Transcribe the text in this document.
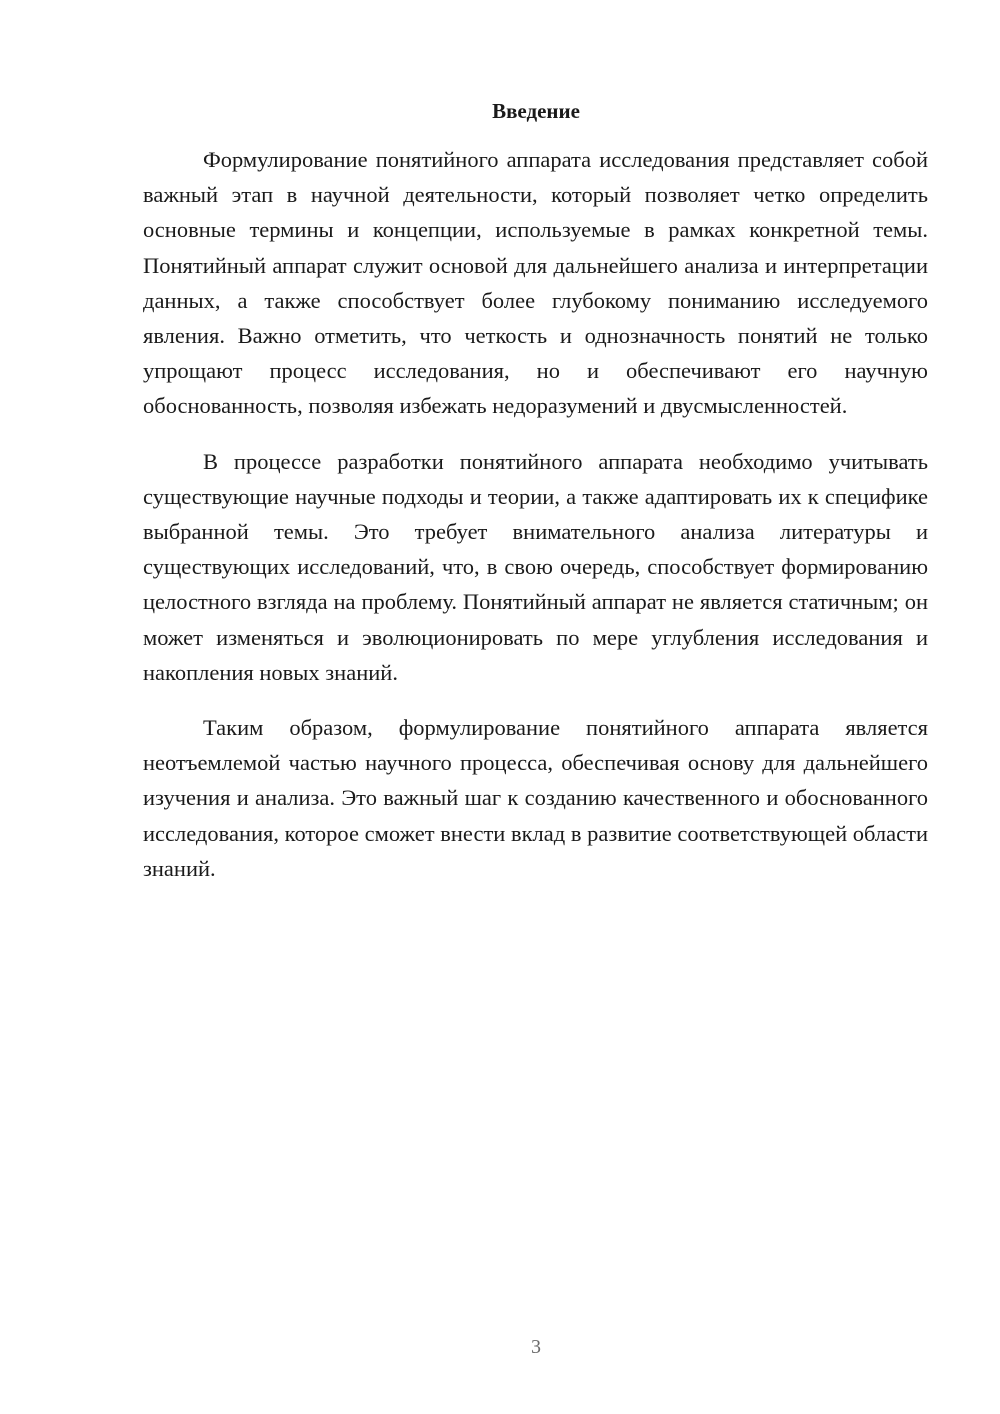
Введение

Формулирование понятийного аппарата исследования представляет собой важный этап в научной деятельности, который позволяет четко определить основные термины и концепции, используемые в рамках конкретной темы. Понятийный аппарат служит основой для дальнейшего анализа и интерпретации данных, а также способствует более глубокому пониманию исследуемого явления. Важно отметить, что четкость и однозначность понятий не только упрощают процесс исследования, но и обеспечивают его научную обоснованность, позволяя избежать недоразумений и двусмысленностей.

В процессе разработки понятийного аппарата необходимо учитывать существующие научные подходы и теории, а также адаптировать их к специфике выбранной темы. Это требует внимательного анализа литературы и существующих исследований, что, в свою очередь, способствует формированию целостного взгляда на проблему. Понятийный аппарат не является статичным; он может изменяться и эволюционировать по мере углубления исследования и накопления новых знаний.

Таким образом, формулирование понятийного аппарата является неотъемлемой частью научного процесса, обеспечивая основу для дальнейшего изучения и анализа. Это важный шаг к созданию качественного и обоснованного исследования, которое сможет внести вклад в развитие соответствующей области знаний.

3
